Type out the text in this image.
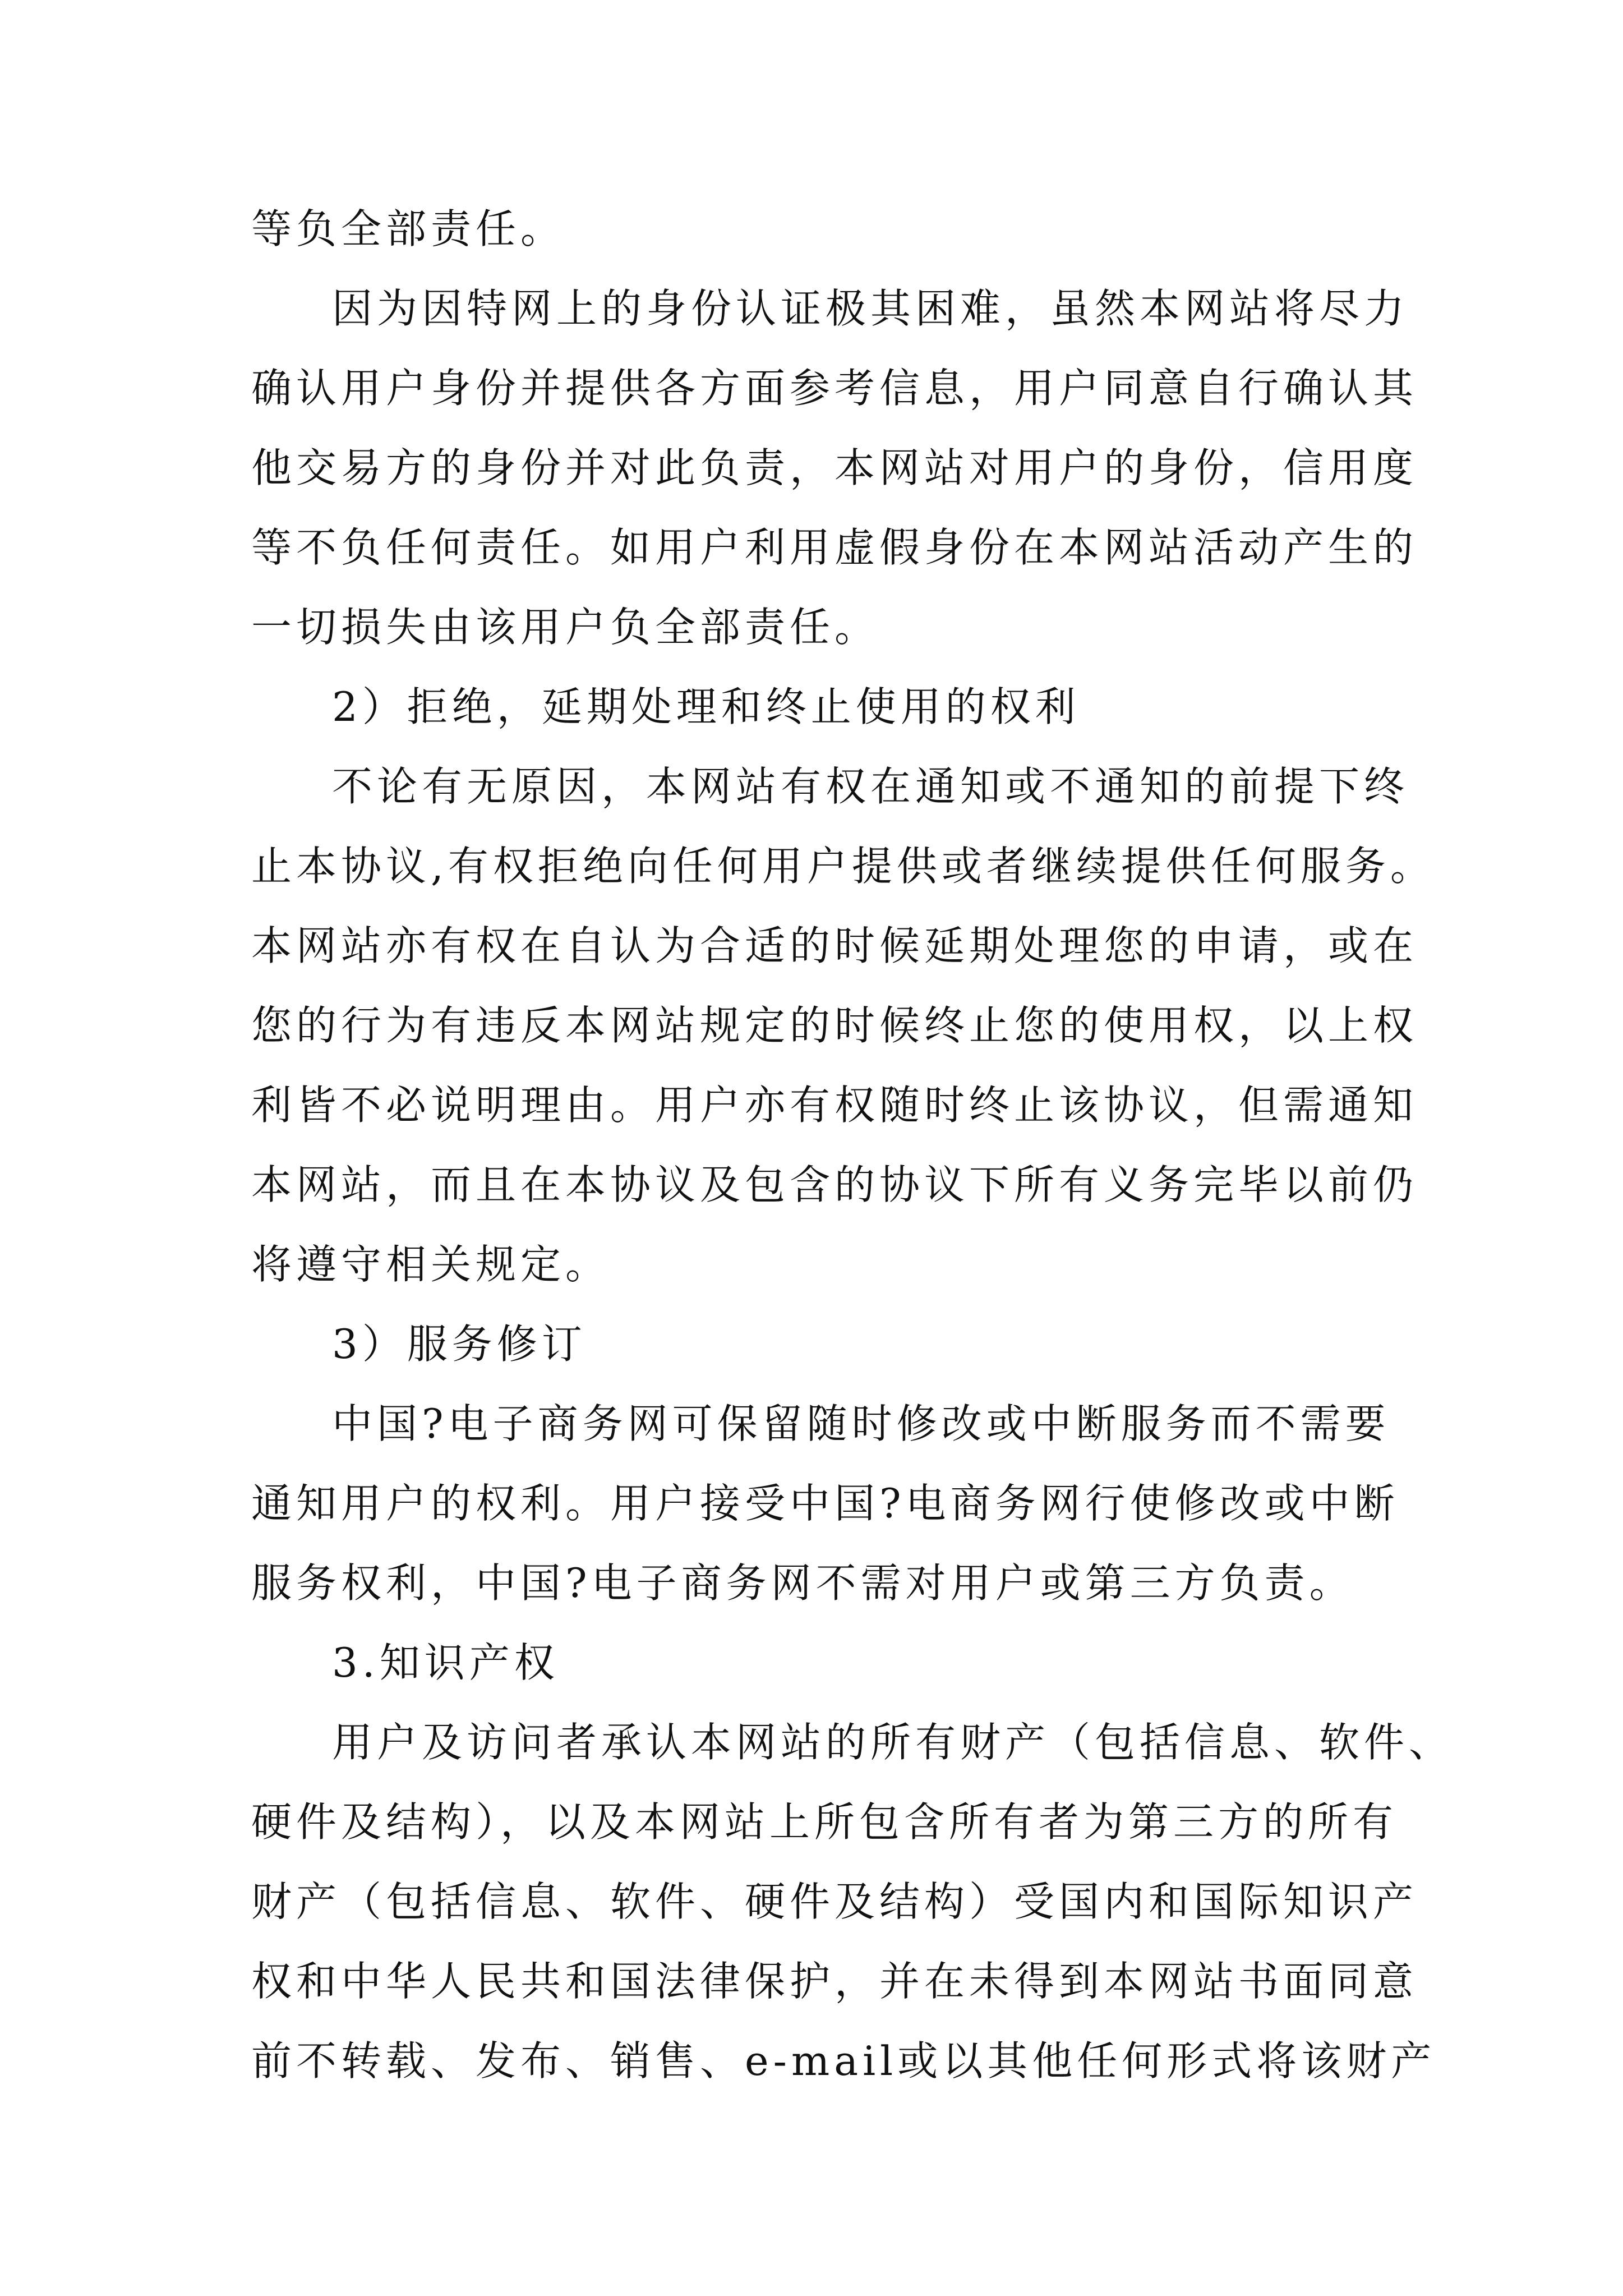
等负全部责任。
因为因特网上的身份认证极其困难，虽然本网站将尽力
确认用户身份并提供各方面参考信息，用户同意自行确认其
他交易方的身份并对此负责，本网站对用户的身份，信用度
等不负任何责任。如用户利用虚假身份在本网站活动产生的
一切损失由该用户负全部责任。
2）拒绝，延期处理和终止使用的权利
不论有无原因，本网站有权在通知或不通知的前提下终
止本协议,有权拒绝向任何用户提供或者继续提供任何服务。
本网站亦有权在自认为合适的时候延期处理您的申请，或在
您的行为有违反本网站规定的时候终止您的使用权，以上权
利皆不必说明理由。用户亦有权随时终止该协议，但需通知
本网站，而且在本协议及包含的协议下所有义务完毕以前仍
将遵守相关规定。
3）服务修订
中国?电子商务网可保留随时修改或中断服务而不需要
通知用户的权利。用户接受中国?电商务网行使修改或中断
服务权利，中国?电子商务网不需对用户或第三方负责。
3.知识产权
用户及访问者承认本网站的所有财产（包括信息、软件、
硬件及结构），以及本网站上所包含所有者为第三方的所有
财产（包括信息、软件、硬件及结构）受国内和国际知识产
权和中华人民共和国法律保护，并在未得到本网站书面同意
前不转载、发布、销售、e-mail或以其他任何形式将该财产
